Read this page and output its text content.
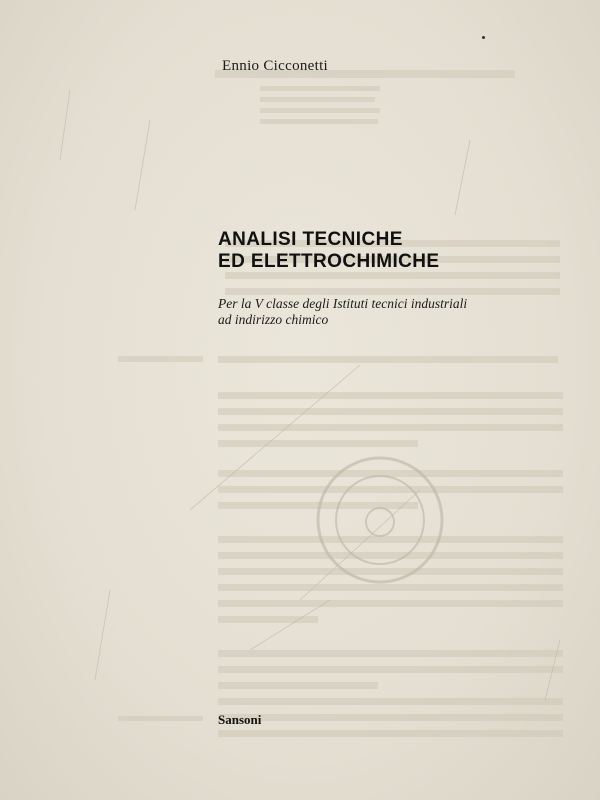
Ennio Cicconetti
ANALISI TECNICHE
ED ELETTROCHIMICHE
Per la V classe degli Istituti tecnici industriali
ad indirizzo chimico
Sansoni
